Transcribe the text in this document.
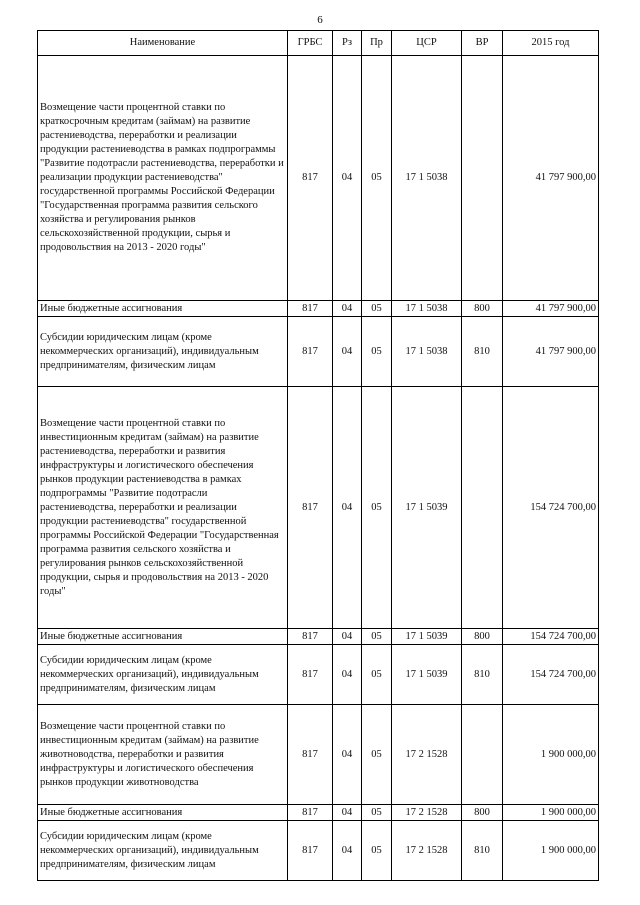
6
Наименование	ГРБС	Рз	Пр	ЦСР	ВР	2015 год
Возмещение части процентной ставки по краткосрочным кредитам (займам) на развитие растениеводства, переработки и реализации продукции растениеводства в рамках подпрограммы "Развитие подотрасли растениеводства, переработки и реализации продукции растениеводства" государственной программы Российской Федерации "Государственная программа развития сельского хозяйства и регулирования рынков сельскохозяйственной продукции, сырья и продовольствия на 2013 - 2020 годы"	817	04	05	17 1 5038		41 797 900,00
Иные бюджетные ассигнования	817	04	05	17 1 5038	800	41 797 900,00
Субсидии юридическим лицам (кроме некоммерческих организаций), индивидуальным предпринимателям, физическим лицам	817	04	05	17 1 5038	810	41 797 900,00
Возмещение части процентной ставки по инвестиционным кредитам (займам) на развитие растениеводства, переработки и развития инфраструктуры и логистического обеспечения рынков продукции растениеводства в рамках подпрограммы "Развитие подотрасли растениеводства, переработки и реализации продукции растениеводства" государственной программы Российской Федерации "Государственная программа развития сельского хозяйства и регулирования рынков сельскохозяйственной продукции, сырья и продовольствия на 2013 - 2020 годы"	817	04	05	17 1 5039		154 724 700,00
Иные бюджетные ассигнования	817	04	05	17 1 5039	800	154 724 700,00
Субсидии юридическим лицам (кроме некоммерческих организаций), индивидуальным предпринимателям, физическим лицам	817	04	05	17 1 5039	810	154 724 700,00
Возмещение части процентной ставки по инвестиционным кредитам (займам) на развитие животноводства, переработки и развития инфраструктуры и логистического обеспечения рынков продукции животноводства	817	04	05	17 2 1528		1 900 000,00
Иные бюджетные ассигнования	817	04	05	17 2 1528	800	1 900 000,00
Субсидии юридическим лицам (кроме некоммерческих организаций), индивидуальным предпринимателям, физическим лицам	817	04	05	17 2 1528	810	1 900 000,00
